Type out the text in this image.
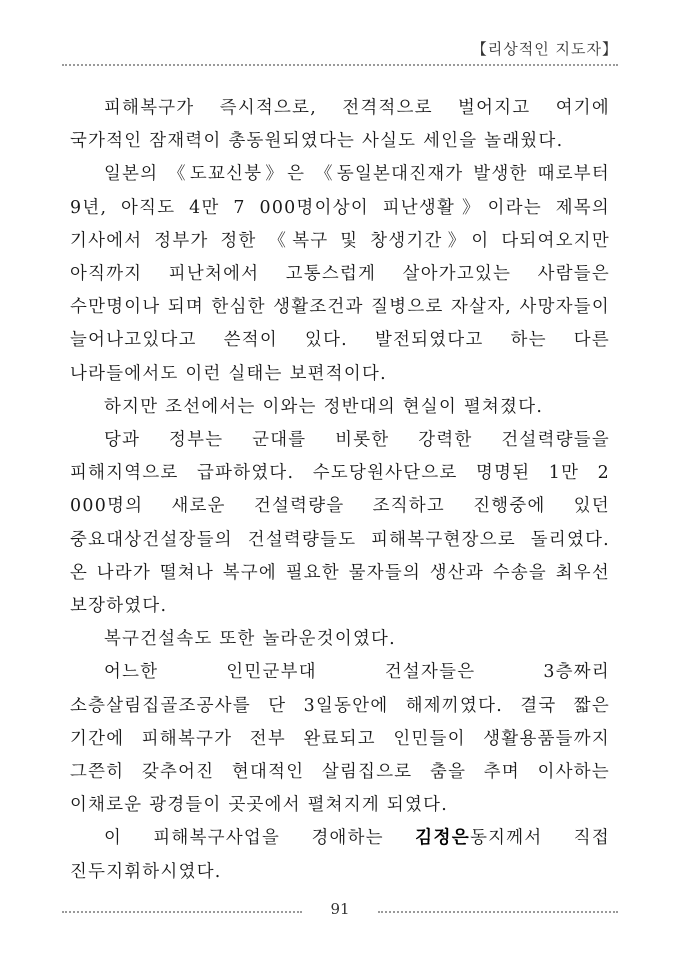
【리상적인 지도자】

피해복구가 즉시적으로, 전격적으로 벌어지고 여기에 국가적인 잠재력이 총동원되였다는 사실도 세인을 놀래웠다.

일본의 《도꾜신붕》은 《동일본대진재가 발생한 때로부터 9년, 아직도 4만 7 000명이상이 피난생활》이라는 제목의 기사에서 정부가 정한 《복구 및 창생기간》이 다되여오지만 아직까지 피난처에서 고통스럽게 살아가고있는 사람들은 수만명이나 되며 한심한 생활조건과 질병으로 자살자, 사망자들이 늘어나고있다고 쓴적이 있다. 발전되였다고 하는 다른 나라들에서도 이런 실태는 보편적이다.

하지만 조선에서는 이와는 정반대의 현실이 펼쳐졌다.

당과 정부는 군대를 비롯한 강력한 건설력량들을 피해지역으로 급파하였다. 수도당원사단으로 명명된 1만 2 000명의 새로운 건설력량을 조직하고 진행중에 있던 중요대상건설장들의 건설력량들도 피해복구현장으로 돌리였다. 온 나라가 떨쳐나 복구에 필요한 물자들의 생산과 수송을 최우선 보장하였다.

복구건설속도 또한 놀라운것이였다.

어느한 인민군부대 건설자들은 3층짜리 소층살림집골조공사를 단 3일동안에 해제끼였다. 결국 짧은 기간에 피해복구가 전부 완료되고 인민들이 생활용품들까지 그쯘히 갖추어진 현대적인 살림집으로 춤을 추며 이사하는 이채로운 광경들이 곳곳에서 펼쳐지게 되였다.

이 피해복구사업을 경애하는 김정은동지께서 직접 진두지휘하시였다.

91
